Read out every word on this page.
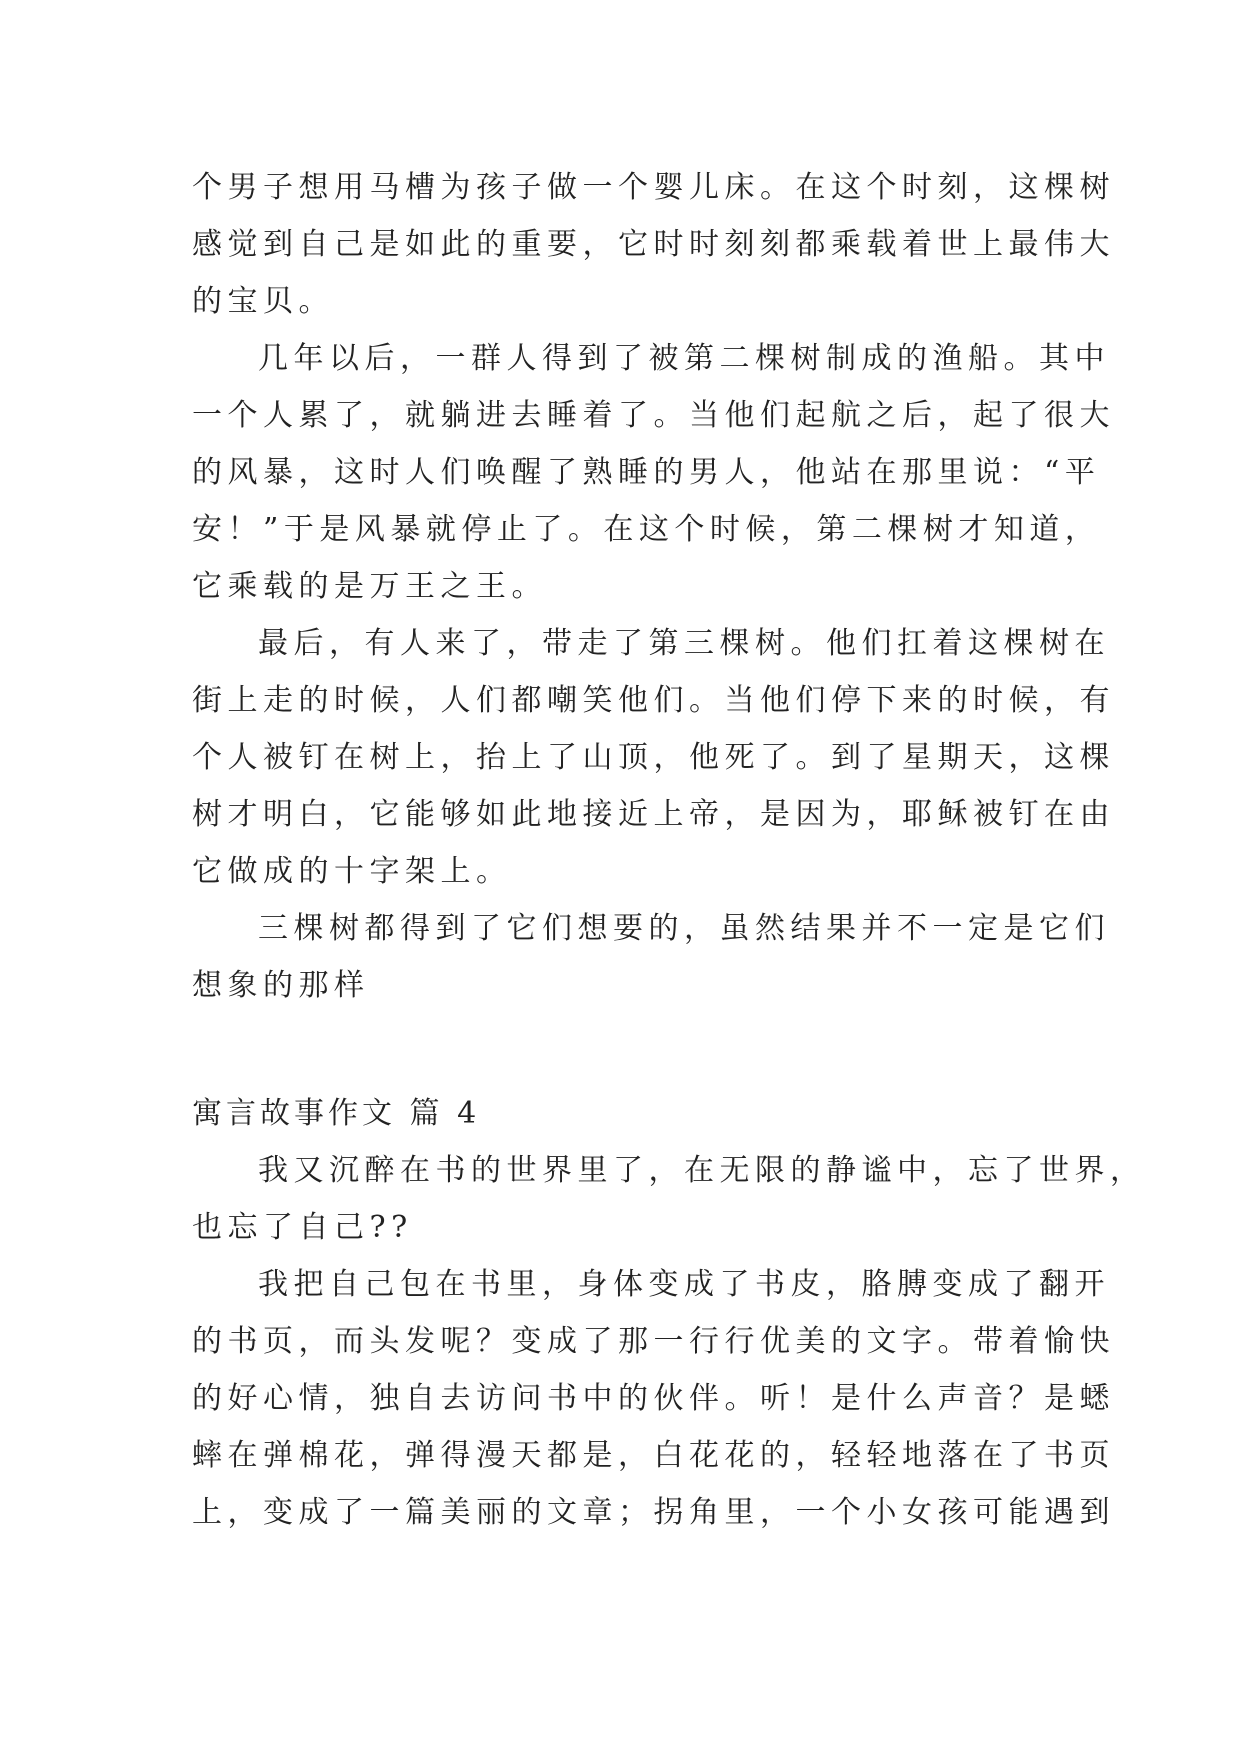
个男子想用马槽为孩子做一个婴儿床。在这个时刻，这棵树
感觉到自己是如此的重要，它时时刻刻都乘载着世上最伟大
的宝贝。
几年以后，一群人得到了被第二棵树制成的渔船。其中
一个人累了，就躺进去睡着了。当他们起航之后，起了很大
的风暴，这时人们唤醒了熟睡的男人，他站在那里说：“平
安！”于是风暴就停止了。在这个时候，第二棵树才知道，
它乘载的是万王之王。
最后，有人来了，带走了第三棵树。他们扛着这棵树在
街上走的时候，人们都嘲笑他们。当他们停下来的时候，有
个人被钉在树上，抬上了山顶，他死了。到了星期天，这棵
树才明白，它能够如此地接近上帝，是因为，耶稣被钉在由
它做成的十字架上。
三棵树都得到了它们想要的，虽然结果并不一定是它们
想象的那样
寓言故事作文 篇 4
我又沉醉在书的世界里了，在无限的静谧中，忘了世界，
也忘了自己??
我把自己包在书里，身体变成了书皮，胳膊变成了翻开
的书页，而头发呢？变成了那一行行优美的文字。带着愉快
的好心情，独自去访问书中的伙伴。听！是什么声音？是蟋
蟀在弹棉花，弹得漫天都是，白花花的，轻轻地落在了书页
上，变成了一篇美丽的文章；拐角里，一个小女孩可能遇到
